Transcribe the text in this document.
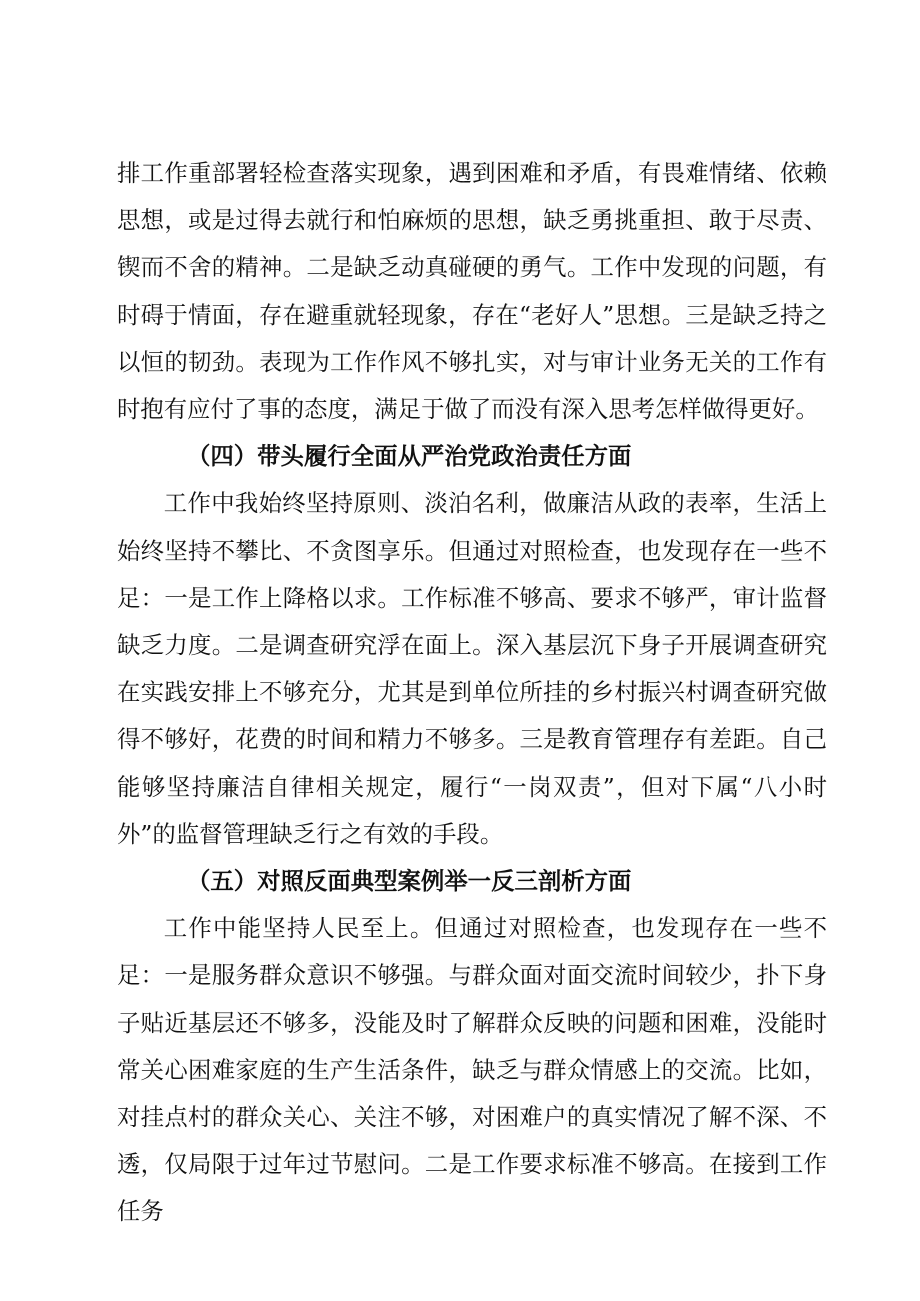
排工作重部署轻检查落实现象，遇到困难和矛盾，有畏难情绪、依赖思想，或是过得去就行和怕麻烦的思想，缺乏勇挑重担、敢于尽责、锲而不舍的精神。二是缺乏动真碰硬的勇气。工作中发现的问题，有时碍于情面，存在避重就轻现象，存在“老好人”思想。三是缺乏持之以恒的韧劲。表现为工作作风不够扎实，对与审计业务无关的工作有时抱有应付了事的态度，满足于做了而没有深入思考怎样做得更好。

（四）带头履行全面从严治党政治责任方面

工作中我始终坚持原则、淡泊名利，做廉洁从政的表率，生活上始终坚持不攀比、不贪图享乐。但通过对照检查，也发现存在一些不足：一是工作上降格以求。工作标准不够高、要求不够严，审计监督缺乏力度。二是调查研究浮在面上。深入基层沉下身子开展调查研究在实践安排上不够充分，尤其是到单位所挂的乡村振兴村调查研究做得不够好，花费的时间和精力不够多。三是教育管理存有差距。自己能够坚持廉洁自律相关规定，履行“一岗双责”，但对下属“八小时外”的监督管理缺乏行之有效的手段。

（五）对照反面典型案例举一反三剖析方面

工作中能坚持人民至上。但通过对照检查，也发现存在一些不足：一是服务群众意识不够强。与群众面对面交流时间较少，扑下身子贴近基层还不够多，没能及时了解群众反映的问题和困难，没能时常关心困难家庭的生产生活条件，缺乏与群众情感上的交流。比如，对挂点村的群众关心、关注不够，对困难户的真实情况了解不深、不透，仅局限于过年过节慰问。二是工作要求标准不够高。在接到工作任务
